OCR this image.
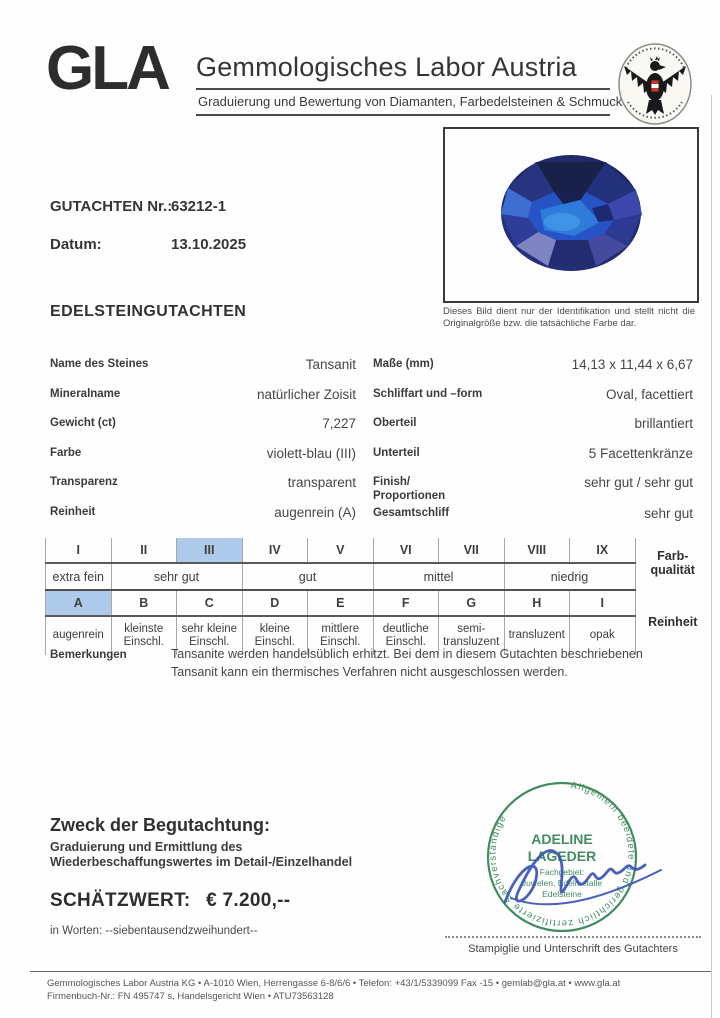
GLA Gemmologisches Labor Austria
Graduierung und Bewertung von Diamanten, Farbedelsteinen & Schmuck
GUTACHTEN Nr.:
63212-1
Datum:	13.10.2025
Dieses Bild dient nur der Identifikation und stellt nicht die Originalgröße bzw. die tatsächliche Farbe dar.
EDELSTEINGUTACHTEN
Name des Steines	Tansanit
Mineralname	natürlicher Zoisit
Gewicht (ct)	7,227
Farbe	violett-blau (III)
Transparenz	transparent
Reinheit	augenrein (A)
Maße (mm)	14,13 x 11,44 x 6,67
Schliffart und –form	Oval, facettiert
Oberteil	brillantiert
Unterteil	5 Facettenkränze
Finish/ Proportionen
sehr gut / sehr gut
Gesamtschliff	sehr gut
I	II	III	IV	V	VI	VII	VIII	IX	Farb-qualität
extra fein	sehr gut		gut		mittel		niedrig		
A	B	C	D	E	F	G	H	I	Reinheit
augenrein	kleinste Einschl.	sehr kleine Einschl.	kleine Einschl.	mittlere Einschl.	deutliche Einschl.	semi-transluzent	transluzent	opak	
Bemerkungen	Tansanite werden handelsüblich erhitzt. Bei dem in diesem Gutachten beschriebenen Tansanit kann ein thermisches Verfahren nicht ausgeschlossen werden.
Zweck der Begutachtung:
Graduierung und Ermittlung des
Wiederbeschaffungswertes im Detail-/Einzelhandel
SCHÄTZWERT: € 7.200,--
in Worten: --siebentausendzweihundert--
Allgemein beeidete und gerichtlich zertifizierte Sachverständige
ADELINE
LAGEDER
Fachgebiet:
Juwelen, Edelmetalle
Edelsteine
Stampiglie und Unterschrift des Gutachters
Gemmologisches Labor Austria KG • A-1010 Wien, Herrengasse 6-8/6/6 • Telefon: +43/1/5339099 Fax -15 • gemlab@gla.at • www.gla.at
Firmenbuch-Nr.: FN 495747 s, Handelsgericht Wien • ATU73563128
